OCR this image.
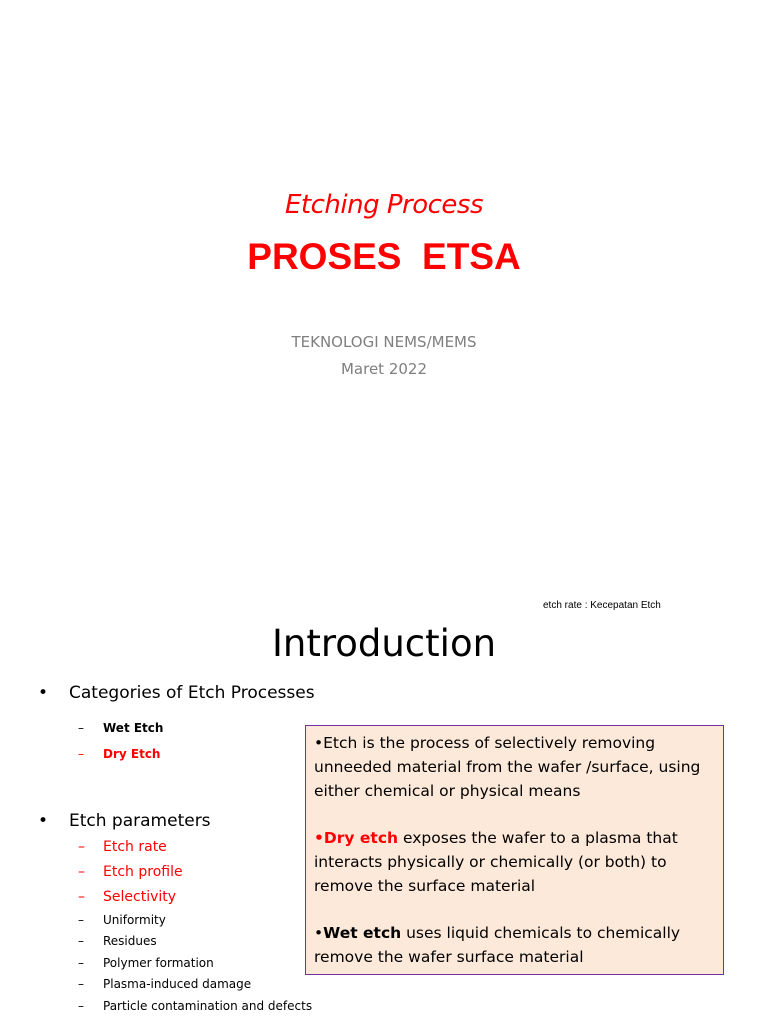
Etching Process
PROSES  ETSA
TEKNOLOGI NEMS/MEMS
Maret 2022
etch rate : Kecepatan Etch
Introduction
• Categories of Etch Processes
– Wet Etch
– Dry Etch
• Etch parameters
– Etch rate
– Etch profile
– Selectivity
– Uniformity
– Residues
– Polymer formation
– Plasma-induced damage
– Particle contamination and defects

•Etch is the process of selectively removing unneeded material from the wafer /surface, using either chemical or physical means

•Dry etch exposes the wafer to a plasma that interacts physically or chemically (or both) to remove the surface material

•Wet etch uses liquid chemicals to chemically remove the wafer surface material
